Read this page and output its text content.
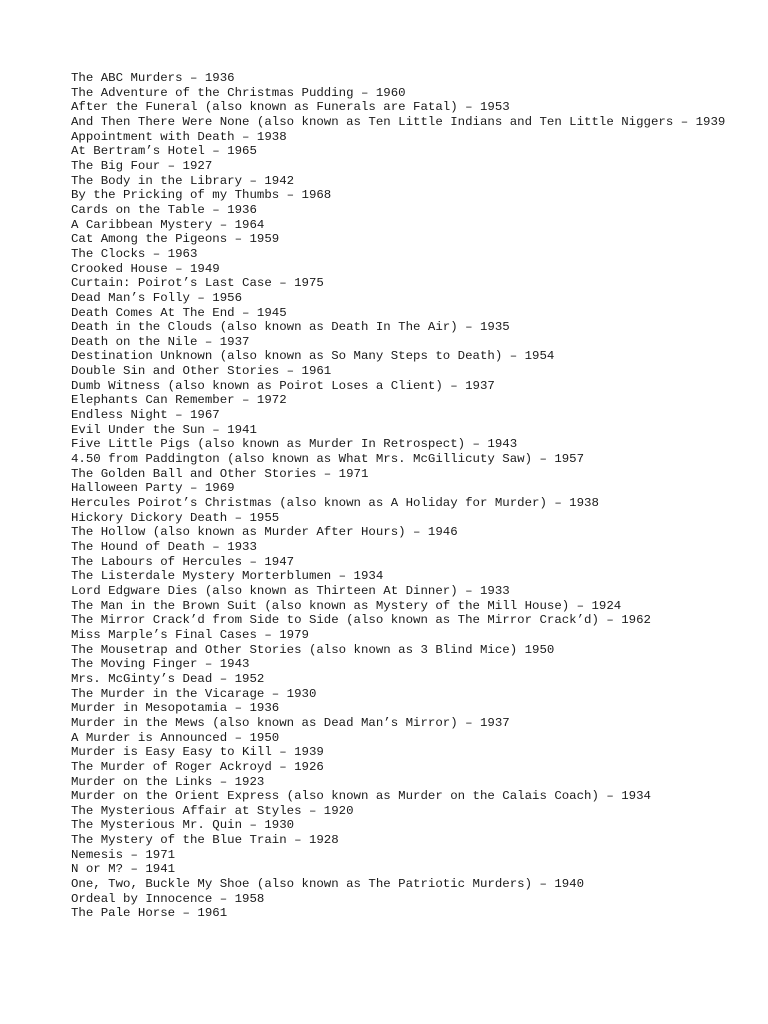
The ABC Murders – 1936
The Adventure of the Christmas Pudding – 1960
After the Funeral (also known as Funerals are Fatal) – 1953
And Then There Were None (also known as Ten Little Indians and Ten Little Niggers – 1939
Appointment with Death – 1938
At Bertram’s Hotel – 1965
The Big Four – 1927
The Body in the Library – 1942
By the Pricking of my Thumbs – 1968
Cards on the Table – 1936
A Caribbean Mystery – 1964
Cat Among the Pigeons – 1959
The Clocks – 1963
Crooked House – 1949
Curtain: Poirot’s Last Case – 1975
Dead Man’s Folly – 1956
Death Comes At The End – 1945
Death in the Clouds (also known as Death In The Air) – 1935
Death on the Nile – 1937
Destination Unknown (also known as So Many Steps to Death) – 1954
Double Sin and Other Stories – 1961
Dumb Witness (also known as Poirot Loses a Client) – 1937
Elephants Can Remember – 1972
Endless Night – 1967
Evil Under the Sun – 1941
Five Little Pigs (also known as Murder In Retrospect) – 1943
4.50 from Paddington (also known as What Mrs. McGillicuty Saw) – 1957
The Golden Ball and Other Stories – 1971
Halloween Party – 1969
Hercules Poirot’s Christmas (also known as A Holiday for Murder) – 1938
Hickory Dickory Death – 1955
The Hollow (also known as Murder After Hours) – 1946
The Hound of Death – 1933
The Labours of Hercules – 1947
The Listerdale Mystery Morterblumen – 1934
Lord Edgware Dies (also known as Thirteen At Dinner) – 1933
The Man in the Brown Suit (also known as Mystery of the Mill House) – 1924
The Mirror Crack’d from Side to Side (also known as The Mirror Crack’d) – 1962
Miss Marple’s Final Cases – 1979
The Mousetrap and Other Stories (also known as 3 Blind Mice) 1950
The Moving Finger – 1943
Mrs. McGinty’s Dead – 1952
The Murder in the Vicarage – 1930
Murder in Mesopotamia – 1936
Murder in the Mews (also known as Dead Man’s Mirror) – 1937
A Murder is Announced – 1950
Murder is Easy Easy to Kill – 1939
The Murder of Roger Ackroyd – 1926
Murder on the Links – 1923
Murder on the Orient Express (also known as Murder on the Calais Coach) – 1934
The Mysterious Affair at Styles – 1920
The Mysterious Mr. Quin – 1930
The Mystery of the Blue Train – 1928
Nemesis – 1971
N or M? – 1941
One, Two, Buckle My Shoe (also known as The Patriotic Murders) – 1940
Ordeal by Innocence – 1958
The Pale Horse – 1961
